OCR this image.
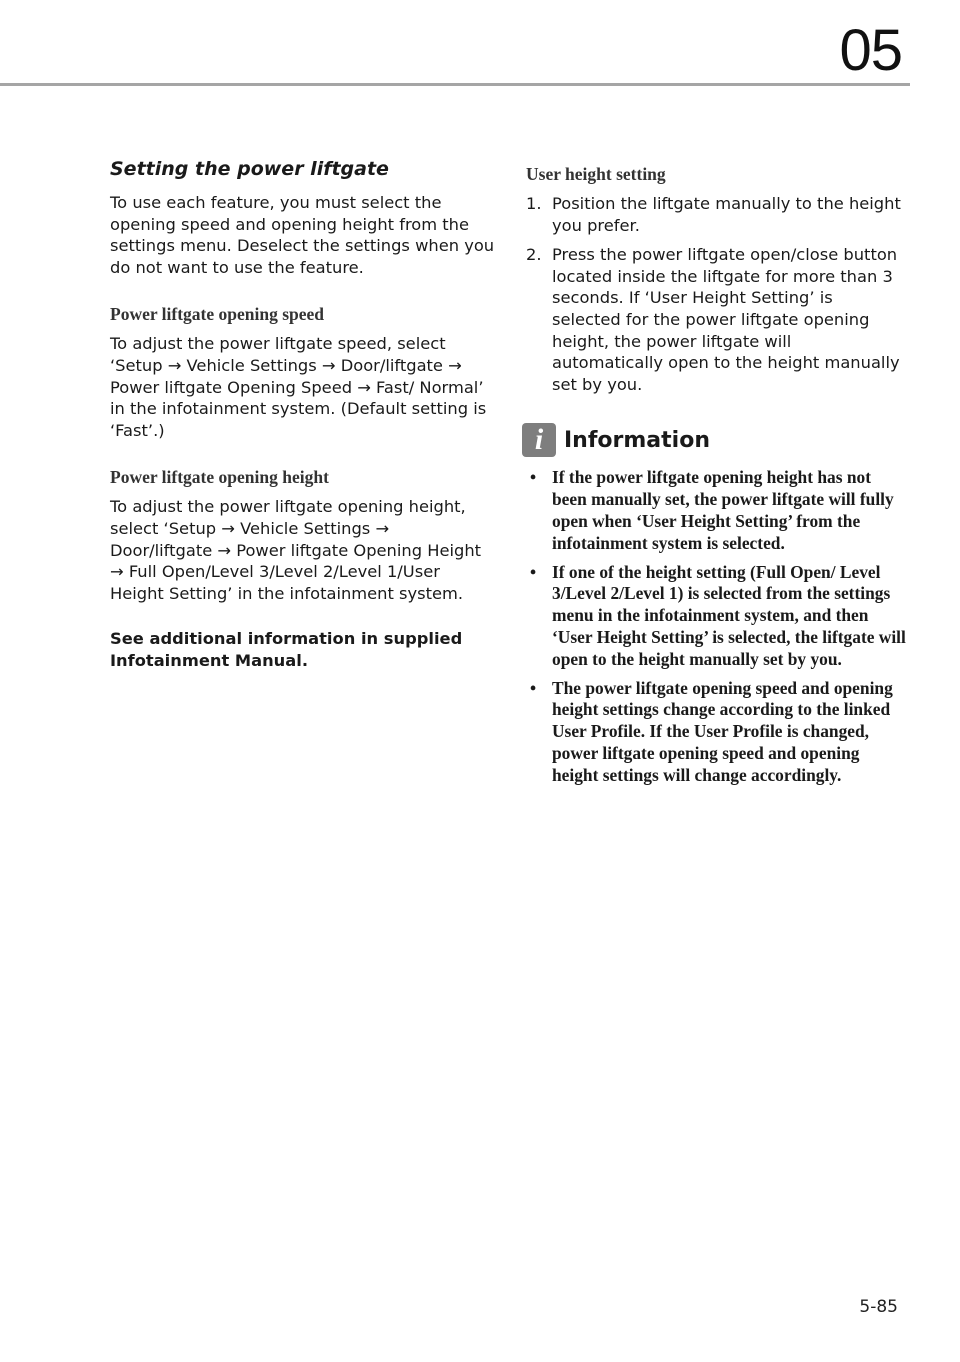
05
Setting the power liftgate

To use each feature, you must select the opening speed and opening height from the settings menu. Deselect the settings when you do not want to use the feature.

Power liftgate opening speed

To adjust the power liftgate speed, select ‘Setup → Vehicle Settings → Door/liftgate → Power liftgate Opening Speed → Fast/ Normal’ in the infotainment system. (Default setting is ‘Fast’.)

Power liftgate opening height

To adjust the power liftgate opening height, select ‘Setup → Vehicle Settings → Door/liftgate → Power liftgate Opening Height → Full Open/Level 3/Level 2/Level 1/User Height Setting’ in the infotainment system.

See additional information in supplied Infotainment Manual.

User height setting
1. Position the liftgate manually to the height you prefer.
2. Press the power liftgate open/close button located inside the liftgate for more than 3 seconds. If ‘User Height Setting’ is selected for the power liftgate opening height, the power liftgate will automatically open to the height manually set by you.
i Information
• If the power liftgate opening height has not been manually set, the power liftgate will fully open when ‘User Height Setting’ from the infotainment system is selected.
• If one of the height setting (Full Open/ Level 3/Level 2/Level 1) is selected from the settings menu in the infotainment system, and then ‘User Height Setting’ is selected, the liftgate will open to the height manually set by you.
• The power liftgate opening speed and opening height settings change according to the linked User Profile. If the User Profile is changed, power liftgate opening speed and opening height settings will change accordingly.
5-85
